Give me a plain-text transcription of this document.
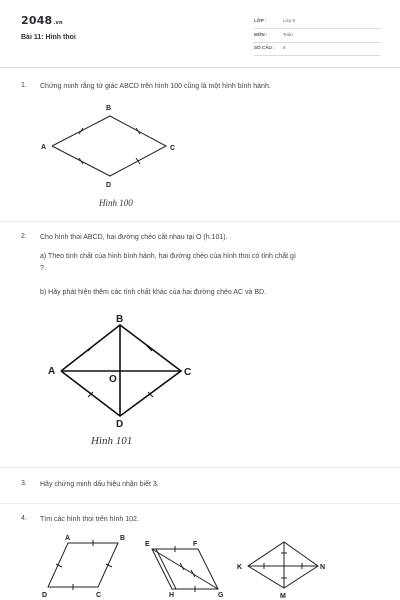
2048.vn
Bài 11: Hình thoi
LỚP :	Lớp 8
MÔN :	Toán
SỐ CÂU : 9
1. Chứng minh rằng tứ giác ABCD trên hình 100 cũng là một hình bình hành.
B
A	C
D
Hình 100
2. Cho hình thoi ABCD, hai đường chéo cắt nhau tại O (h.101).
a) Theo tính chất của hình bình hành, hai đường chéo của hình thoi có tính chất gì
?
b) Hãy phát hiện thêm các tính chất khác của hai đường chéo AC và BD.
B
A	C
D
O
Hình 101
3. Hãy chứng minh dấu hiệu nhận biết 3.
4. Tìm các hình thoi trên hình 102.
A	B
C
D
E	F
G
H
K	N
M
